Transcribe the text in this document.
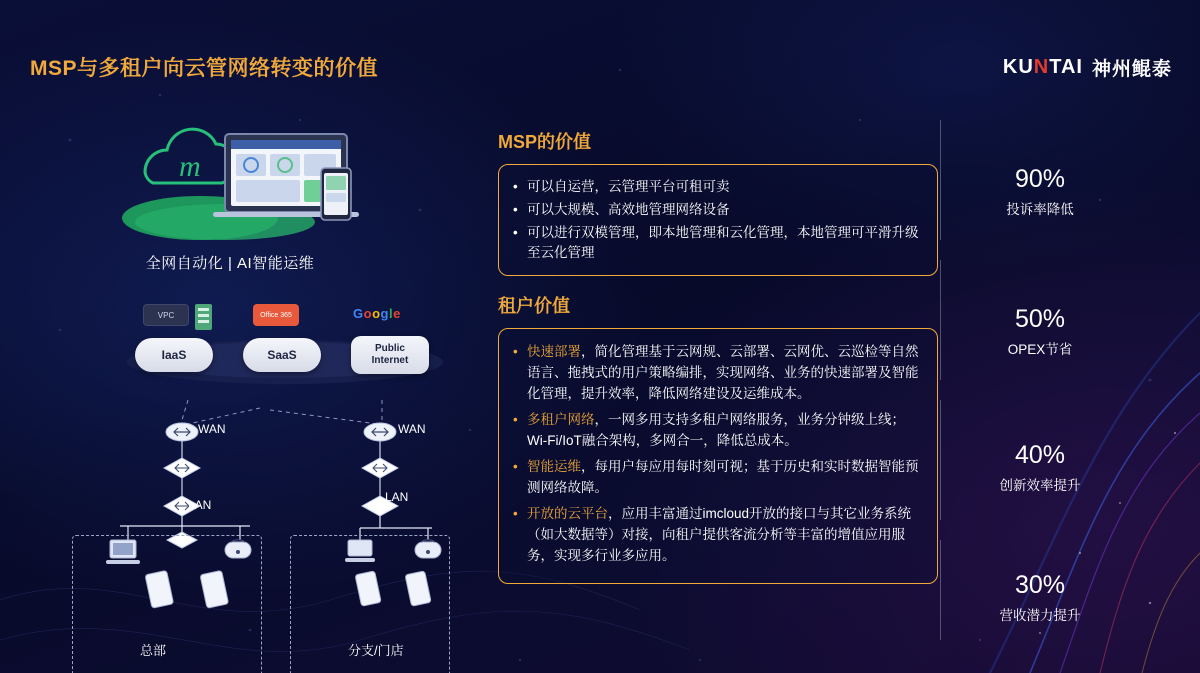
MSP与多租户向云管网络转变的价值	KUNTAI 神州鲲泰
m
全网自动化 | AI智能运维
VPC
IaaS
Office 365
SaaS
Google
Public
Internet
WAN	WAN
LAN
LAN
总部	分支/门店
MSP的价值
• 可以自运营，云管理平台可租可卖
• 可以大规模、高效地管理网络设备
• 可以进行双模管理，即本地管理和云化管理，本地管理可平滑升级至云化管理
租户价值
• 快速部署，简化管理基于云网规、云部署、云网优、云巡检等自然语言、拖拽式的用户策略编排，实现网络、业务的快速部署及智能化管理，提升效率，降低网络建设及运维成本。
• 多租户网络，一网多用支持多租户网络服务，业务分钟级上线；Wi-Fi/IoT融合架构，多网合一，降低总成本。
• 智能运维，每用户每应用每时刻可视；基于历史和实时数据智能预测网络故障。
• 开放的云平台，应用丰富通过imcloud开放的接口与其它业务系统（如大数据等）对接，向租户提供客流分析等丰富的增值应用服务，实现多行业多应用。
90%
投诉率降低
50%
OPEX节省
40%
创新效率提升
30%
营收潜力提升
